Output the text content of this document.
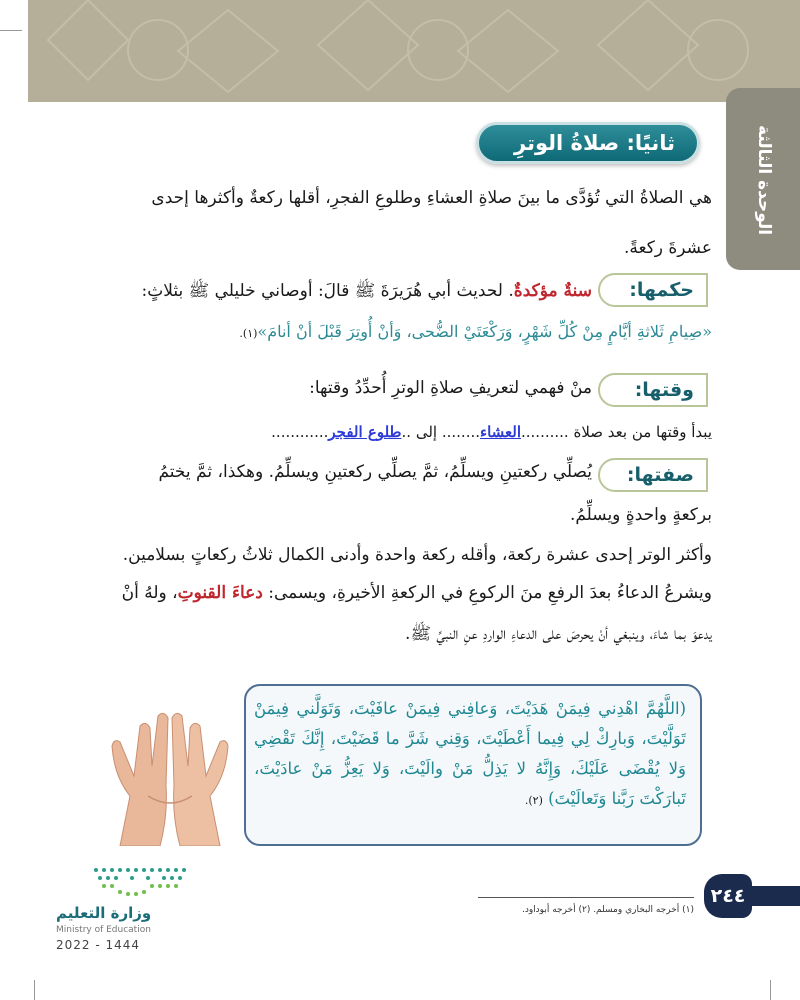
الوحدة الثالثة
ثانيًا: صلاةُ الوترِ
هي الصلاةُ التي تُؤدَّى ما بينَ صلاةِ العشاءِ وطلوعِ الفجرِ، أقلها ركعةٌ وأكثرها إحدى
عشرةَ ركعةً.
حكمها:
سنةٌ مؤكدةٌ. لحديث أبي هُرَيرَةَ ﷺ قالَ: أوصاني خليلي ﷺ بثلاثٍ:
«صِيامِ ثَلاثةِ أيَّامٍ مِنْ كُلِّ شَهْرٍ، وَرَكْعَتَيْ الضُّحى، وَأنْ أُوتِرَ قَبْلَ أنْ أنامَ»(١).
وقتها:
منْ فهمي لتعريفِ صلاةِ الوترِ أُحدِّدُ وقتها:
يبدأ وقتها من بعد صلاة ..........العشاء........ إلى ..طلوع الفجر............
صفتها:
يُصلِّي ركعتينِ ويسلِّمُ، ثمَّ يصلِّي ركعتينِ ويسلِّمُ. وهكذا، ثمَّ يختمُ
بركعةٍ واحدةٍ ويسلِّمُ.
وأكثر الوتر إحدى عشرة ركعة، وأقله ركعة واحدة وأدنى الكمال ثلاثُ ركعاتٍ بسلامين.
ويشرعُ الدعاءُ بعدَ الرفعِ منَ الركوعِ في الركعةِ الأخيرةِ، ويسمى: دعاءَ القنوتِ، ولهُ أنْ
يدعوَ بما شاءَ، وينبغي أنْ يحرصَ على الدعاءِ الواردِ عنِ النبيِّ ﷺ.
(اللَّهُمَّ اهْدِني فِيمَنْ هَدَيْتَ، وَعافِني فِيمَنْ عافَيْتَ، وَتَوَلَّني فِيمَنْ تَوَلَّيْتَ، وَبارِكْ لِي فِيما أَعْطَيْتَ، وَقِني شَرَّ ما قَضَيْتَ، إِنَّكَ تَقْضِي وَلا يُقْضَى عَلَيْكَ، وَإِنَّهُ لا يَذِلُّ مَنْ والَيْتَ، وَلا يَعِزُّ مَنْ عادَيْتَ، تَبارَكْتَ رَبَّنا وَتَعالَيْتَ) (٢).
(١) أخرجه البخاري ومسلم. (٢) أخرجه أبوداود.
٢٤٤
وزارة التعليم
Ministry of Education
2022 - 1444
